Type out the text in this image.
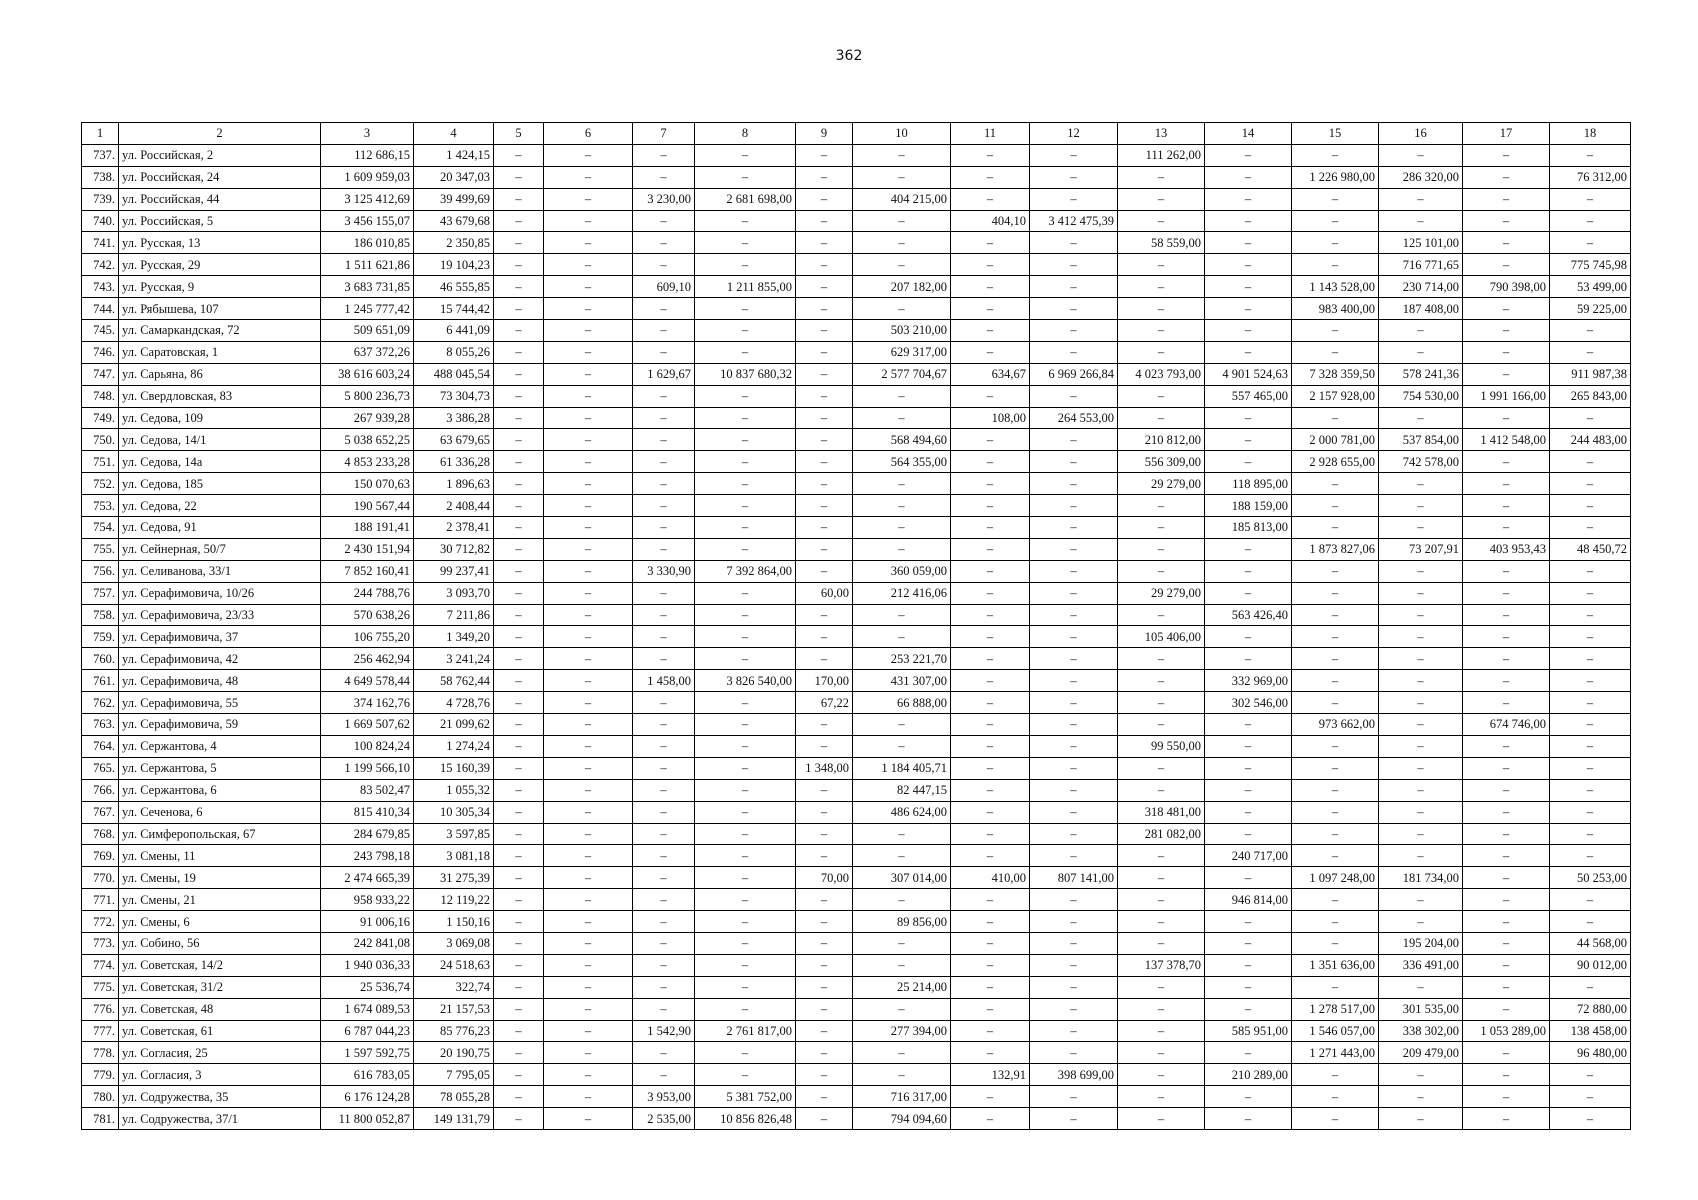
362
1	2	3	4	5	6	7	8	9	10	11	12	13	14	15	16	17	18
737.	ул. Российская, 2	112 686,15	1 424,15	–	–	–	–	–	–	–	–	111 262,00	–	–	–	–	–
738.	ул. Российская, 24	1 609 959,03	20 347,03	–	–	–	–	–	–	–	–	–	–	1 226 980,00	286 320,00	–	76 312,00
739.	ул. Российская, 44	3 125 412,69	39 499,69	–	–	3 230,00	2 681 698,00	–	404 215,00	–	–	–	–	–	–	–	–
740.	ул. Российская, 5	3 456 155,07	43 679,68	–	–	–	–	–	–	404,10	3 412 475,39	–	–	–	–	–	–
741.	ул. Русская, 13	186 010,85	2 350,85	–	–	–	–	–	–	–	–	58 559,00	–	–	125 101,00	–	–
742.	ул. Русская, 29	1 511 621,86	19 104,23	–	–	–	–	–	–	–	–	–	–	–	716 771,65	–	775 745,98
743.	ул. Русская, 9	3 683 731,85	46 555,85	–	–	609,10	1 211 855,00	–	207 182,00	–	–	–	–	1 143 528,00	230 714,00	790 398,00	53 499,00
744.	ул. Рябышева, 107	1 245 777,42	15 744,42	–	–	–	–	–	–	–	–	–	–	983 400,00	187 408,00	–	59 225,00
745.	ул. Самаркандская, 72	509 651,09	6 441,09	–	–	–	–	–	503 210,00	–	–	–	–	–	–	–	–
746.	ул. Саратовская, 1	637 372,26	8 055,26	–	–	–	–	–	629 317,00	–	–	–	–	–	–	–	–
747.	ул. Сарьяна, 86	38 616 603,24	488 045,54	–	–	1 629,67	10 837 680,32	–	2 577 704,67	634,67	6 969 266,84	4 023 793,00	4 901 524,63	7 328 359,50	578 241,36	–	911 987,38
748.	ул. Свердловская, 83	5 800 236,73	73 304,73	–	–	–	–	–	–	–	–	–	557 465,00	2 157 928,00	754 530,00	1 991 166,00	265 843,00
749.	ул. Седова, 109	267 939,28	3 386,28	–	–	–	–	–	–	108,00	264 553,00	–	–	–	–	–	–
750.	ул. Седова, 14/1	5 038 652,25	63 679,65	–	–	–	–	–	568 494,60	–	–	210 812,00	–	2 000 781,00	537 854,00	1 412 548,00	244 483,00
751.	ул. Седова, 14а	4 853 233,28	61 336,28	–	–	–	–	–	564 355,00	–	–	556 309,00	–	2 928 655,00	742 578,00	–	–
752.	ул. Седова, 185	150 070,63	1 896,63	–	–	–	–	–	–	–	–	29 279,00	118 895,00	–	–	–	–
753.	ул. Седова, 22	190 567,44	2 408,44	–	–	–	–	–	–	–	–	–	188 159,00	–	–	–	–
754.	ул. Седова, 91	188 191,41	2 378,41	–	–	–	–	–	–	–	–	–	185 813,00	–	–	–	–
755.	ул. Сейнерная, 50/7	2 430 151,94	30 712,82	–	–	–	–	–	–	–	–	–	–	1 873 827,06	73 207,91	403 953,43	48 450,72
756.	ул. Селиванова, 33/1	7 852 160,41	99 237,41	–	–	3 330,90	7 392 864,00	–	360 059,00	–	–	–	–	–	–	–	–
757.	ул. Серафимовича, 10/26	244 788,76	3 093,70	–	–	–	–	60,00	212 416,06	–	–	29 279,00	–	–	–	–	–
758.	ул. Серафимовича, 23/33	570 638,26	7 211,86	–	–	–	–	–	–	–	–	–	563 426,40	–	–	–	–
759.	ул. Серафимовича, 37	106 755,20	1 349,20	–	–	–	–	–	–	–	–	105 406,00	–	–	–	–	–
760.	ул. Серафимовича, 42	256 462,94	3 241,24	–	–	–	–	–	253 221,70	–	–	–	–	–	–	–	–
761.	ул. Серафимовича, 48	4 649 578,44	58 762,44	–	–	1 458,00	3 826 540,00	170,00	431 307,00	–	–	–	332 969,00	–	–	–	–
762.	ул. Серафимовича, 55	374 162,76	4 728,76	–	–	–	–	67,22	66 888,00	–	–	–	302 546,00	–	–	–	–
763.	ул. Серафимовича, 59	1 669 507,62	21 099,62	–	–	–	–	–	–	–	–	–	–	973 662,00	–	674 746,00	–
764.	ул. Сержантова, 4	100 824,24	1 274,24	–	–	–	–	–	–	–	–	99 550,00	–	–	–	–	–
765.	ул. Сержантова, 5	1 199 566,10	15 160,39	–	–	–	–	1 348,00	1 184 405,71	–	–	–	–	–	–	–	–
766.	ул. Сержантова, 6	83 502,47	1 055,32	–	–	–	–	–	82 447,15	–	–	–	–	–	–	–	–
767.	ул. Сеченова, 6	815 410,34	10 305,34	–	–	–	–	–	486 624,00	–	–	318 481,00	–	–	–	–	–
768.	ул. Симферопольская, 67	284 679,85	3 597,85	–	–	–	–	–	–	–	–	281 082,00	–	–	–	–	–
769.	ул. Смены, 11	243 798,18	3 081,18	–	–	–	–	–	–	–	–	–	240 717,00	–	–	–	–
770.	ул. Смены, 19	2 474 665,39	31 275,39	–	–	–	–	70,00	307 014,00	410,00	807 141,00	–	–	1 097 248,00	181 734,00	–	50 253,00
771.	ул. Смены, 21	958 933,22	12 119,22	–	–	–	–	–	–	–	–	–	946 814,00	–	–	–	–
772.	ул. Смены, 6	91 006,16	1 150,16	–	–	–	–	–	89 856,00	–	–	–	–	–	–	–	–
773.	ул. Собино, 56	242 841,08	3 069,08	–	–	–	–	–	–	–	–	–	–	–	195 204,00	–	44 568,00
774.	ул. Советская, 14/2	1 940 036,33	24 518,63	–	–	–	–	–	–	–	–	137 378,70	–	1 351 636,00	336 491,00	–	90 012,00
775.	ул. Советская, 31/2	25 536,74	322,74	–	–	–	–	–	25 214,00	–	–	–	–	–	–	–	–
776.	ул. Советская, 48	1 674 089,53	21 157,53	–	–	–	–	–	–	–	–	–	–	1 278 517,00	301 535,00	–	72 880,00
777.	ул. Советская, 61	6 787 044,23	85 776,23	–	–	1 542,90	2 761 817,00	–	277 394,00	–	–	–	585 951,00	1 546 057,00	338 302,00	1 053 289,00	138 458,00
778.	ул. Согласия, 25	1 597 592,75	20 190,75	–	–	–	–	–	–	–	–	–	–	1 271 443,00	209 479,00	–	96 480,00
779.	ул. Согласия, 3	616 783,05	7 795,05	–	–	–	–	–	–	132,91	398 699,00	–	210 289,00	–	–	–	–
780.	ул. Содружества, 35	6 176 124,28	78 055,28	–	–	3 953,00	5 381 752,00	–	716 317,00	–	–	–	–	–	–	–	–
781.	ул. Содружества, 37/1	11 800 052,87	149 131,79	–	–	2 535,00	10 856 826,48	–	794 094,60	–	–	–	–	–	–	–	–
